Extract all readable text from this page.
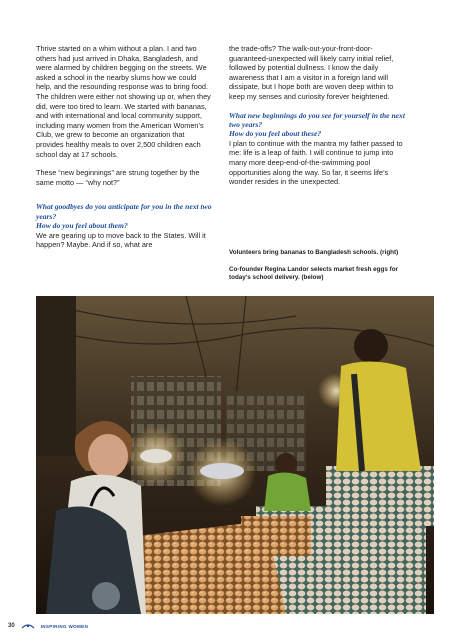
Thrive started on a whim without a plan. I and two others had just arrived in Dhaka, Bangladesh, and were alarmed by children begging on the streets. We asked a school in the nearby slums how we could help, and the resounding response was to bring food. The children were either not showing up or, when they did, were too tired to learn. We started with bananas, and with international and local community support, including many women from the American Women’s Club, we grew to become an organization that provides healthy meals to over 2,500 children each school day at 17 schools.

These “new beginnings” are strung together by the same motto — “why not?”

What goodbyes do you anticipate for you in the next two years?
How do you feel about them?

We are gearing up to move back to the States. Will it happen? Maybe. And if so, what are

the trade-offs? The walk-out-your-front-door-guaranteed-unexpected will likely carry initial relief, followed by potential dullness. I know the daily awareness that I am a visitor in a foreign land will dissipate, but I hope both are woven deep within to keep my senses and curiosity forever heightened.

What new beginnings do you see for yourself in the next two years?
How do you feel about these?

I plan to continue with the mantra my father passed to me: life is a leap of faith. I will continue to jump into many more deep-end-of-the-swimming pool opportunities along the way. So far, it seems life’s wonder resides in the unexpected.

Volunteers bring bananas to Bangladesh schools. (right)
Co-founder Regina Landor selects market fresh eggs for today’s school delivery. (below)
30	INSPIRING WOMEN
